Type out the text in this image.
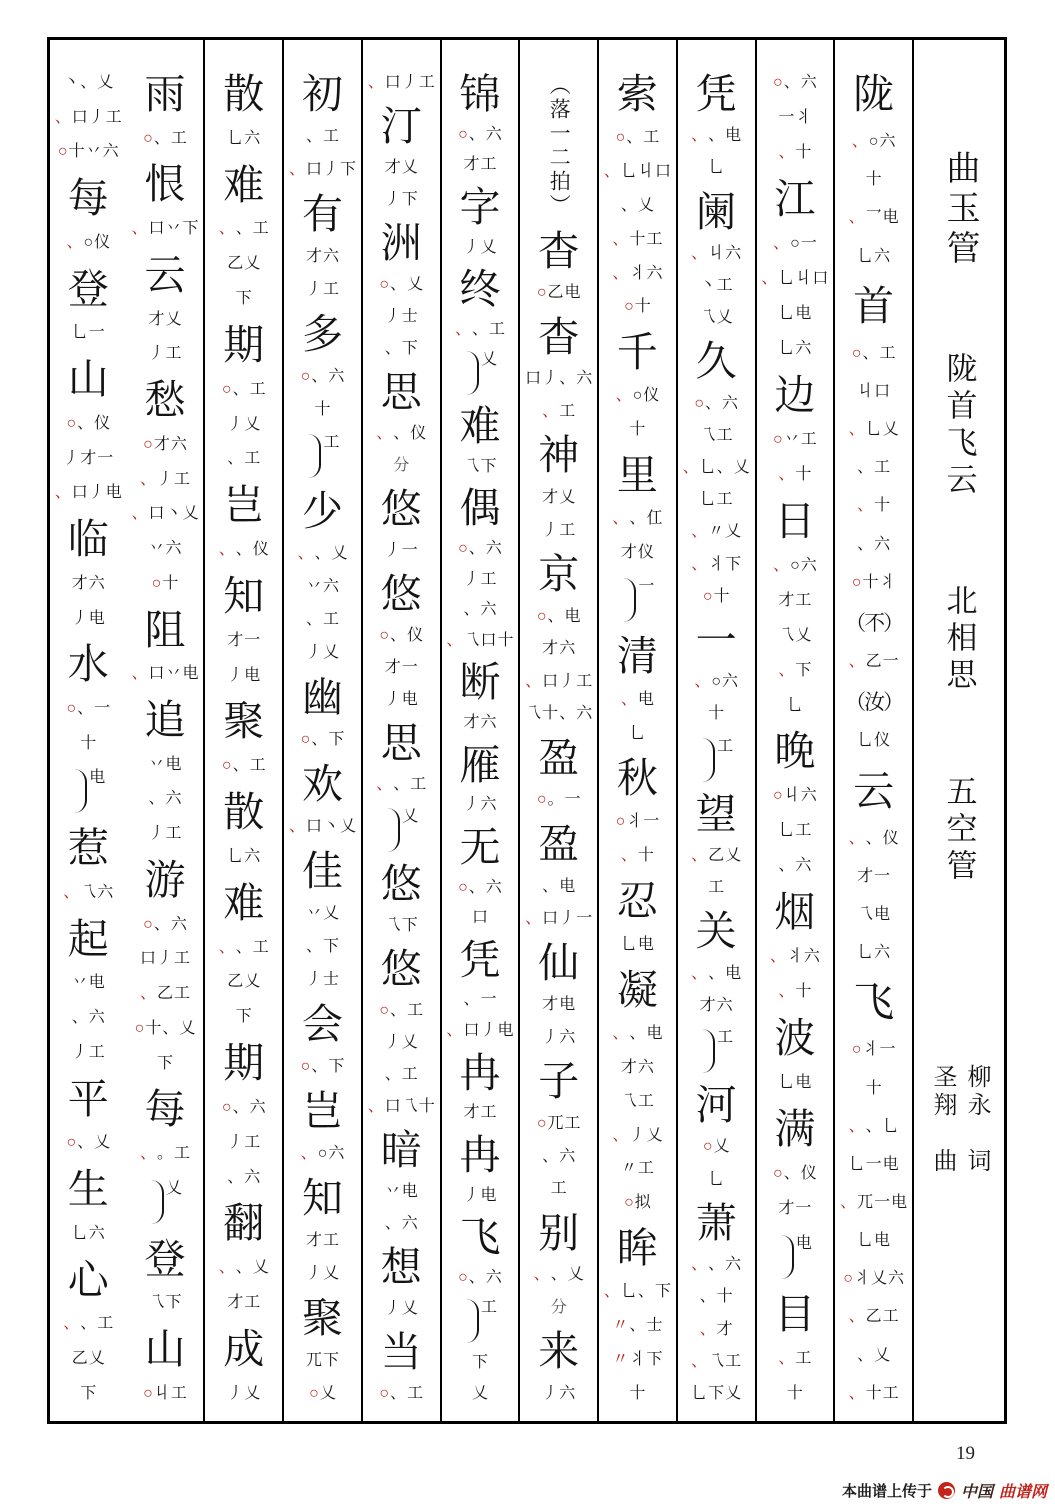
曲玉管
陇首飞云
北相思
五空管
柳永　词
圣翔　曲
陇
六
○
、
十
电
乛
、
六
乚
首
工
、
○
口
丩
乂
乚
、
工
、
十
、
六
、
丬
十
○
（不）
一
乙
、
（汝）
仪
乚
云
仪
、
、
一
才
电
乁
六
乚
飞
一
丬
○
十
乚
、
、
电
一
乚
电
一
兀
、
电
乚
六
乂
丬
○
工
乙
、
乂
、
工
十
、
六
、
○
丬
一
十
、
江
一
○
、
口
丩
乚
、
电
乚
六
乚
边
工
丷
○
十
、
日
六
○
、
工
才
乂
乁
下
、
乚
晚
六
丩
○
工
乚
六
、
烟
六
丬
、
十
、
波
电
乚
满
仪
、
○
一
才
电
目
工
、
十
凭
电
、
、
乚
阑
六
丩
、
工
丶
乂
乁
久
六
、
○
工
乁
乂
、
乚
、
工
乚
乂
〃
、
下
丬
、
十
○
一
六
○
、
十
工
望
乂
乙
、
工
关
电
、
、
六
才
工
河
乂
○
乚
萧
六
、
、
十
、
才
、
工
乁
、
乂
下
乚
索
工
、
○
口
丩
乚
、
乂
、
工
十
、
六
丬
、
十
○
千
仪
○
、
十
里
仜
、
、
仪
才
一
清
电
、
乚
秋
一
丬
○
十
、
忍
电
乚
凝
电
、
、
六
才
工
乁
乂
丿
、
工
〃
拟
○
眸
下
、
乚
、
士
、
〃
下
丬
〃
十
（落一二拍）
杳
电
乙
○
杳
六
、
丿
口
工
、
神
乂
才
工
丿
京
电
、
○
六
才
工
丿
口
、
六
、
十
乁
盈
一
。
○
盈
电
、
一
丿
口
、
仙
电
才
六
丿
子
工
兀
○
六
、
工
别
乂
、
、
分
来
六
丿
锦
六
、
○
工
才
字
乂
丿
终
工
、
、
乂
难
下
乁
偶
六
、
○
工
丿
六
、
十
口
乁
、
断
六
才
雁
六
丿
无
六
、
○
口
凭
一
、
电
丿
口
、
冉
工
才
冉
电
丿
飞
六
、
○
工
下
乂
工
丿
口
、
汀
乂
才
下
丿
洲
乂
、
○
士
丿
下
、
思
仪
、
、
分
悠
一
丿
悠
仪
、
○
一
才
电
丿
思
工
、
、
乂
悠
下
乁
悠
工
、
○
乂
丿
工
、
十
乁
口
、
暗
电
丷
六
、
想
乂
丿
当
工
、
○
初
工
、
下
丿
口
、
有
六
才
工
丿
多
六
、
○
十
工
少
乂
、
、
六
丷
工
、
乂
丿
幽
下
、
○
欢
乂
丶
口
、
佳
乂
丷
下
、
士
丿
会
下
、
○
岂
六
○
、
知
工
才
乂
丿
聚
下
兀
乂
○
散
六
乚
难
工
、
、
乂
乙
下
期
工
、
○
乂
丿
工
、
岂
仪
、
、
知
一
才
电
丿
聚
工
、
○
散
六
乚
难
工
、
、
乂
乙
下
期
六
、
○
工
丿
六
、
翻
乂
、
、
工
才
成
乂
丿
雨
工
、
○
恨
下
丷
口
、
云
乂
才
工
丿
愁
六
才
○
工
丿
、
乂
丶
口
、
六
丷
十
○
阻
电
丷
口
、
追
电
丷
六
、
工
丿
游
六
、
○
工
丿
口
工
乙
、
乂
、
十
○
下
每
工
。
、
乂
登
下
乁
山
工
丩
○
乂
、
丶
工
丿
口
、
六
丷
十
○
每
仪
○
、
登
一
乚
山
仪
、
○
一
才
丿
电
丿
口
、
临
六
才
电
丿
水
一
、
○
十
电
惹
六
乁
、
起
电
丷
六
、
工
丿
平
乂
、
○
生
六
乚
心
工
、
、
乂
乙
下
19
本曲谱上传于 中国 曲谱网
